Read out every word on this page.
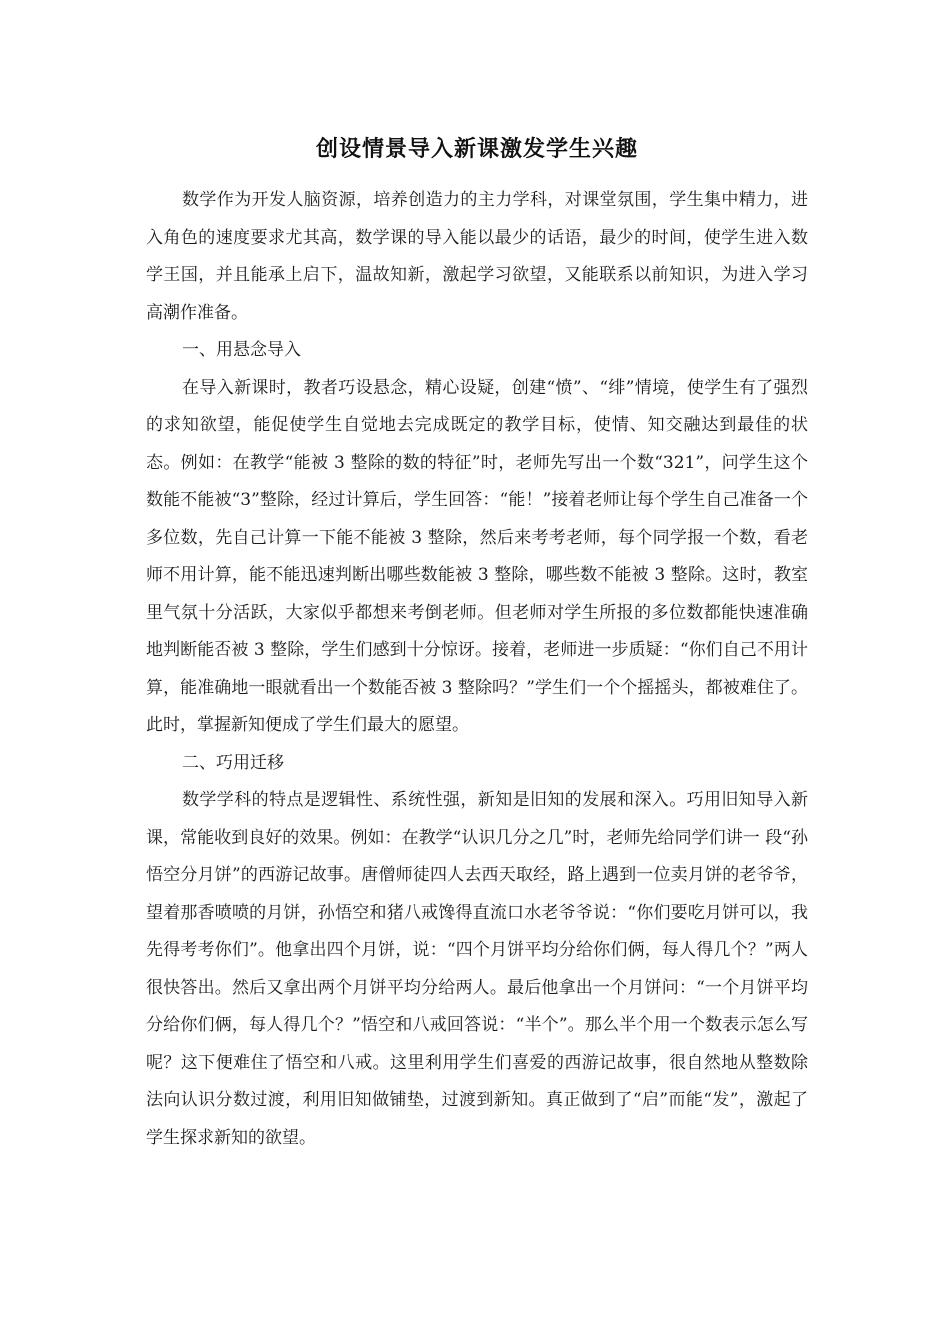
创设情景导入新课激发学生兴趣

数学作为开发人脑资源，培养创造力的主力学科，对课堂氛围，学生集中精力，进入角色的速度要求尤其高，数学课的导入能以最少的话语，最少的时间，使学生进入数学王国，并且能承上启下，温故知新，激起学习欲望，又能联系以前知识，为进入学习高潮作准备。

一、用悬念导入

在导入新课时，教者巧设悬念，精心设疑，创建“愤”、“绯”情境，使学生有了强烈的求知欲望，能促使学生自觉地去完成既定的教学目标，使情、知交融达到最佳的状态。例如：在教学“能被 3 整除的数的特征”时，老师先写出一个数“321”，问学生这个数能不能被“3”整除，经过计算后，学生回答：“能！”接着老师让每个学生自己准备一个多位数，先自己计算一下能不能被 3 整除，然后来考考老师，每个同学报一个数，看老师不用计算，能不能迅速判断出哪些数能被 3 整除，哪些数不能被 3 整除。这时，教室里气氛十分活跃，大家似乎都想来考倒老师。但老师对学生所报的多位数都能快速准确地判断能否被 3 整除，学生们感到十分惊讶。接着，老师进一步质疑：“你们自己不用计算，能准确地一眼就看出一个数能否被 3 整除吗？”学生们一个个摇摇头，都被难住了。此时，掌握新知便成了学生们最大的愿望。

二、巧用迁移

数学学科的特点是逻辑性、系统性强，新知是旧知的发展和深入。巧用旧知导入新课，常能收到良好的效果。例如：在教学“认识几分之几”时，老师先给同学们讲一 段“孙悟空分月饼”的西游记故事。唐僧师徒四人去西天取经，路上遇到一位卖月饼的老爷爷，望着那香喷喷的月饼，孙悟空和猪八戒馋得直流口水老爷爷说：“你们要吃月饼可以，我先得考考你们”。他拿出四个月饼，说：“四个月饼平均分给你们俩，每人得几个？”两人很快答出。然后又拿出两个月饼平均分给两人。最后他拿出一个月饼问：“一个月饼平均分给你们俩，每人得几个？”悟空和八戒回答说：“半个”。那么半个用一个数表示怎么写呢？这下便难住了悟空和八戒。这里利用学生们喜爱的西游记故事，很自然地从整数除法向认识分数过渡，利用旧知做铺垫，过渡到新知。真正做到了“启”而能“发”，激起了学生探求新知的欲望。
